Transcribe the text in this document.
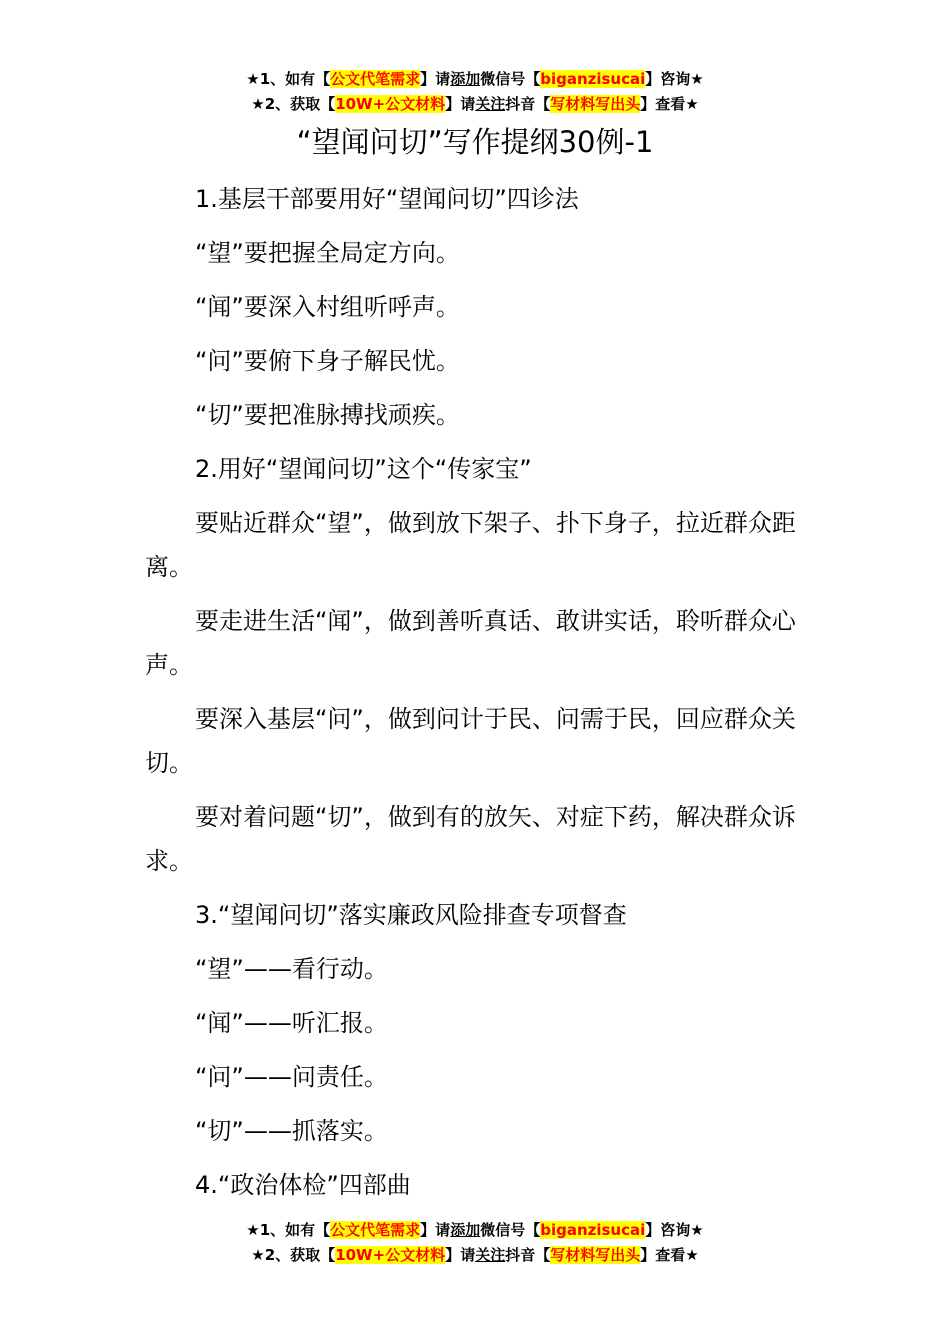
★1、如有【公文代笔需求】请添加微信号【biganzisucai】咨询★
★2、获取【10W+公文材料】请关注抖音【写材料写出头】查看★
“望闻问切”写作提纲30例-1

1.基层干部要用好“望闻问切”四诊法

“望”要把握全局定方向。

“闻”要深入村组听呼声。

“问”要俯下身子解民忧。

“切”要把准脉搏找顽疾。

2.用好“望闻问切”这个“传家宝”

要贴近群众“望”，做到放下架子、扑下身子，拉近群众距离。

要走进生活“闻”，做到善听真话、敢讲实话，聆听群众心声。

要深入基层“问”，做到问计于民、问需于民，回应群众关切。

要对着问题“切”，做到有的放矢、对症下药，解决群众诉求。

3.“望闻问切”落实廉政风险排查专项督查

“望”——看行动。

“闻”——听汇报。

“问”——问责任。

“切”——抓落实。

4.“政治体检”四部曲

★1、如有【公文代笔需求】请添加微信号【biganzisucai】咨询★
★2、获取【10W+公文材料】请关注抖音【写材料写出头】查看★
